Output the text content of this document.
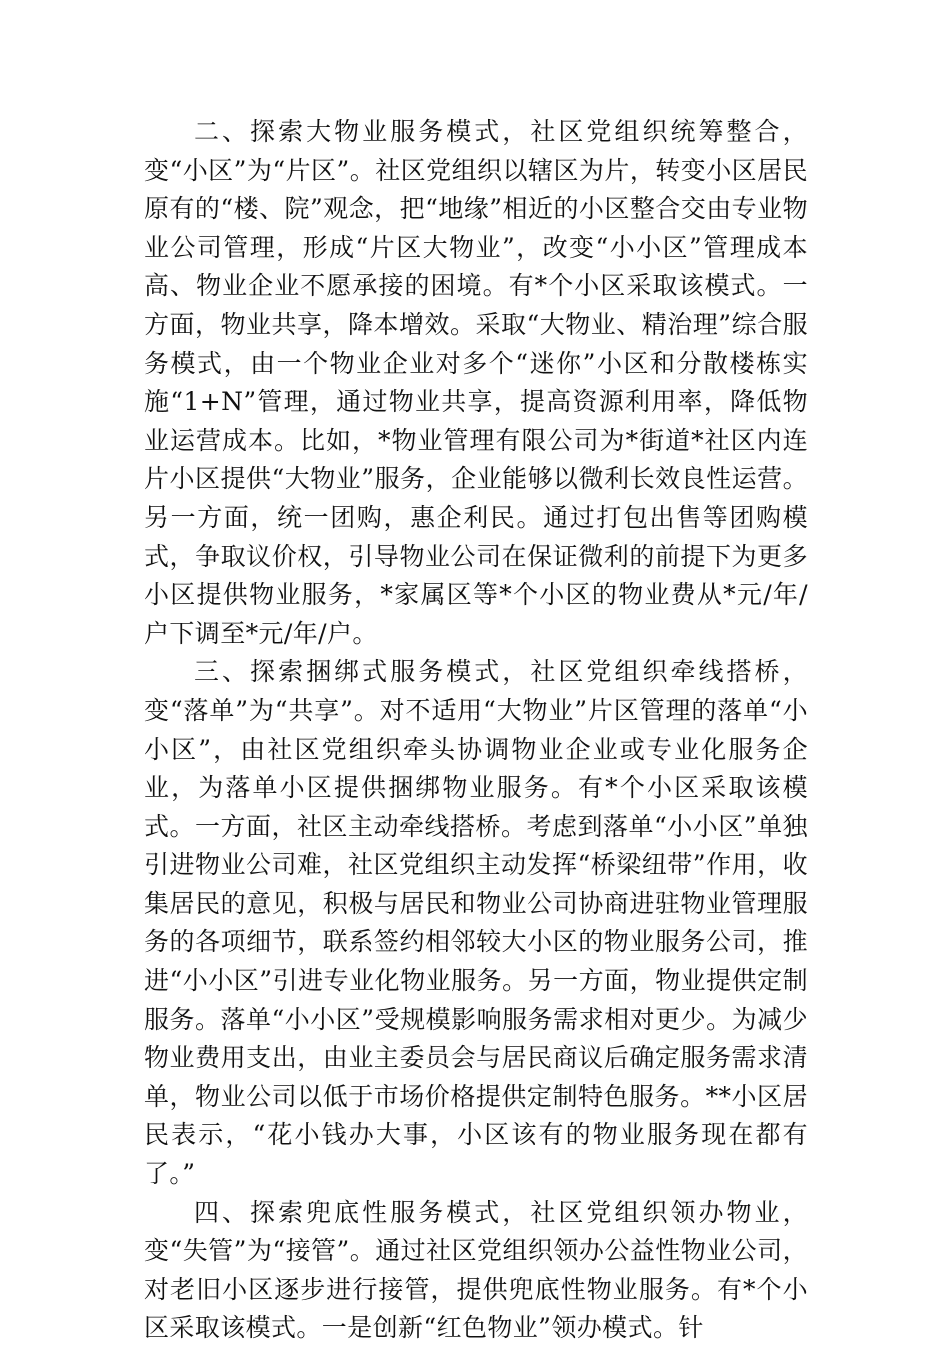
二、探索大物业服务模式，社区党组织统筹整合，变“小区”为“片区”。社区党组织以辖区为片，转变小区居民原有的“楼、院”观念，把“地缘”相近的小区整合交由专业物业公司管理，形成“片区大物业”，改变“小小区”管理成本高、物业企业不愿承接的困境。有*个小区采取该模式。一方面，物业共享，降本增效。采取“大物业、精治理”综合服务模式，由一个物业企业对多个“迷你”小区和分散楼栋实施“1+N”管理，通过物业共享，提高资源利用率，降低物业运营成本。比如，*物业管理有限公司为*街道*社区内连片小区提供“大物业”服务，企业能够以微利长效良性运营。另一方面，统一团购，惠企利民。通过打包出售等团购模式，争取议价权，引导物业公司在保证微利的前提下为更多小区提供物业服务，*家属区等*个小区的物业费从*元/年/户下调至*元/年/户。

三、探索捆绑式服务模式，社区党组织牵线搭桥，变“落单”为“共享”。对不适用“大物业”片区管理的落单“小小区”，由社区党组织牵头协调物业企业或专业化服务企业，为落单小区提供捆绑物业服务。有*个小区采取该模式。一方面，社区主动牵线搭桥。考虑到落单“小小区”单独引进物业公司难，社区党组织主动发挥“桥梁纽带”作用，收集居民的意见，积极与居民和物业公司协商进驻物业管理服务的各项细节，联系签约相邻较大小区的物业服务公司，推进“小小区”引进专业化物业服务。另一方面，物业提供定制服务。落单“小小区”受规模影响服务需求相对更少。为减少物业费用支出，由业主委员会与居民商议后确定服务需求清单，物业公司以低于市场价格提供定制特色服务。**小区居民表示，“花小钱办大事，小区该有的物业服务现在都有了。”

四、探索兜底性服务模式，社区党组织领办物业，变“失管”为“接管”。通过社区党组织领办公益性物业公司，对老旧小区逐步进行接管，提供兜底性物业服务。有*个小区采取该模式。一是创新“红色物业”领办模式。针
